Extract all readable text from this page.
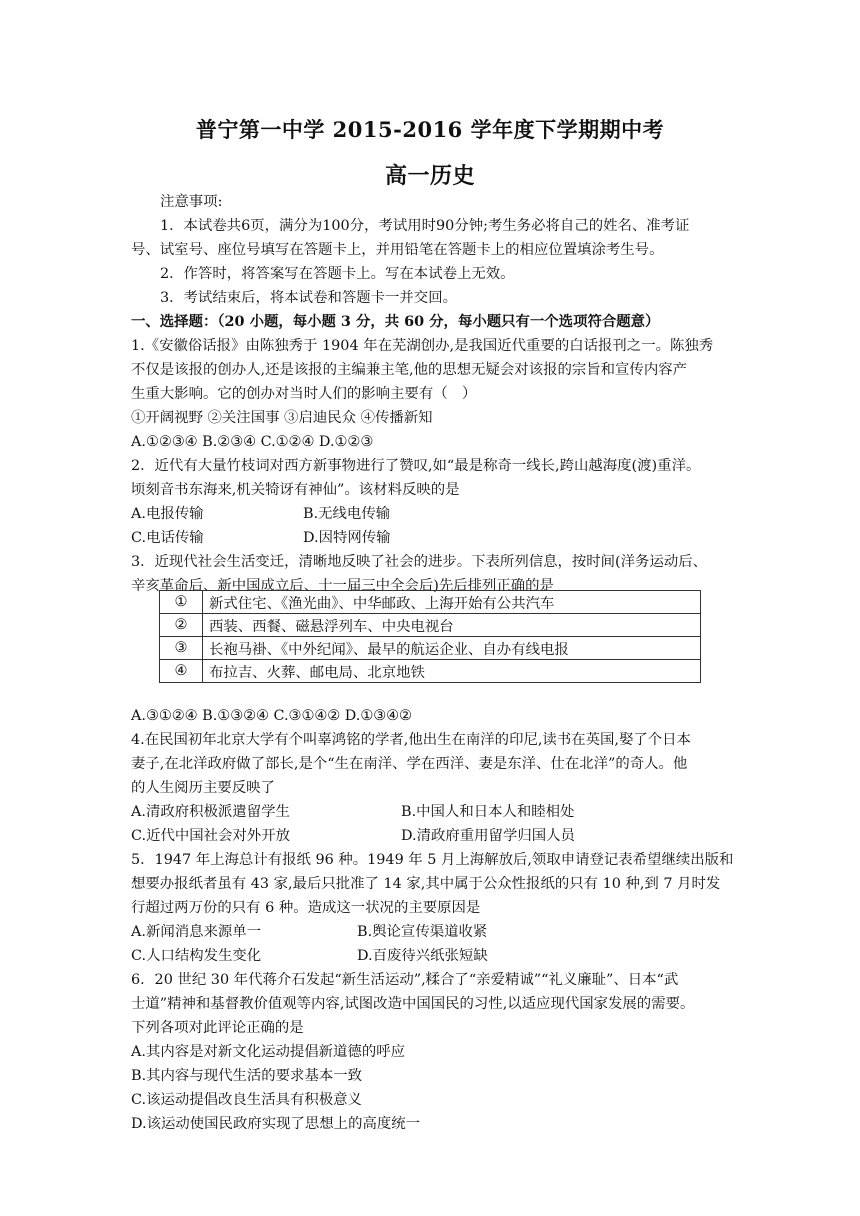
普宁第一中学 2015-2016 学年度下学期期中考
高一历史
注意事项:
1．本试卷共6页，满分为100分，考试用时90分钟;考生务必将自己的姓名、准考证
号、试室号、座位号填写在答题卡上，并用铅笔在答题卡上的相应位置填涂考生号。
2．作答时，将答案写在答题卡上。写在本试卷上无效。
3．考试结束后，将本试卷和答题卡一并交回。
一、选择题：（20 小题，每小题 3 分，共 60 分，每小题只有一个选项符合题意）
1.《安徽俗话报》由陈独秀于 1904 年在芜湖创办,是我国近代重要的白话报刊之一。陈独秀
不仅是该报的创办人,还是该报的主编兼主笔,他的思想无疑会对该报的宗旨和宣传内容产
生重大影响。它的创办对当时人们的影响主要有（　）
①开阔视野 ②关注国事 ③启迪民众 ④传播新知
A.①②③④ B.②③④ C.①②④ D.①②③
2．近代有大量竹枝词对西方新事物进行了赞叹,如“最是称奇一线长,跨山越海度(渡)重洋。
顷刻音书东海来,机关犄讶有神仙”。该材料反映的是
A.电报传输	B.无线电传输
C.电话传输	D.因特网传输
3．近现代社会生活变迁，清晰地反映了社会的进步。下表所列信息，按时间(洋务运动后、
辛亥革命后、新中国成立后、十一届三中全会后)先后排列正确的是
①	新式住宅、《渔光曲》、中华邮政、上海开始有公共汽车
②	西装、西餐、磁悬浮列车、中央电视台
③	长袍马褂、《中外纪闻》、最早的航运企业、自办有线电报
④	布拉吉、火葬、邮电局、北京地铁
A.③①②④ B.①③②④ C.③①④② D.①③④②
4.在民国初年北京大学有个叫辜鸿铭的学者,他出生在南洋的印尼,读书在英国,娶了个日本
妻子,在北洋政府做了部长,是个“生在南洋、学在西洋、妻是东洋、仕在北洋”的奇人。他
的人生阅历主要反映了
A.清政府积极派遣留学生	B.中国人和日本人和睦相处
C.近代中国社会对外开放	D.清政府重用留学归国人员
5．1947 年上海总计有报纸 96 种。1949 年 5 月上海解放后,领取申请登记表希望继续出版和
想要办报纸者虽有 43 家,最后只批准了 14 家,其中属于公众性报纸的只有 10 种,到 7 月时发
行超过两万份的只有 6 种。造成这一状况的主要原因是
A.新闻消息来源单一	B.舆论宣传渠道收紧
C.人口结构发生变化	D.百废待兴纸张短缺
6．20 世纪 30 年代蒋介石发起“新生活运动”,糅合了“亲爱精诚”“礼义廉耻”、日本“武
士道”精神和基督教价值观等内容,试图改造中国国民的习性,以适应现代国家发展的需要。
下列各项对此评论正确的是
A.其内容是对新文化运动提倡新道德的呼应
B.其内容与现代生活的要求基本一致
C.该运动提倡改良生活具有积极意义
D.该运动使国民政府实现了思想上的高度统一
